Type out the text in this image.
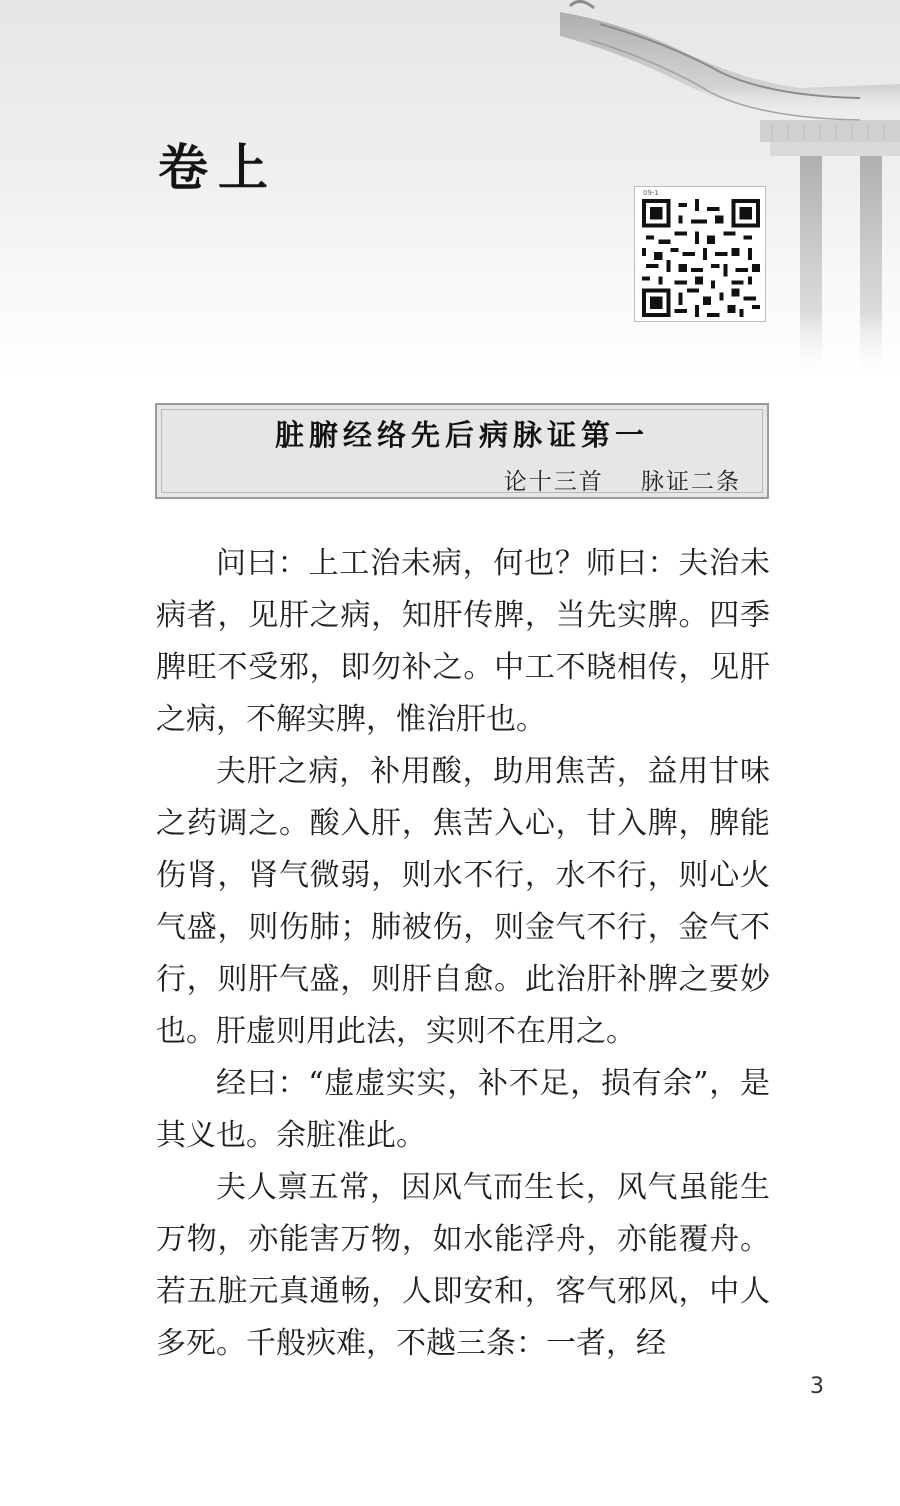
卷上	09-1
脏腑经络先后病脉证第一
论十三首    脉证二条

问曰：上工治未病，何也？师曰：夫治未病者，见肝之病，知肝传脾，当先实脾。四季脾旺不受邪，即勿补之。中工不晓相传，见肝之病，不解实脾，惟治肝也。

夫肝之病，补用酸，助用焦苦，益用甘味之药调之。酸入肝，焦苦入心，甘入脾，脾能伤肾，肾气微弱，则水不行，水不行，则心火气盛，则伤肺；肺被伤，则金气不行，金气不行，则肝气盛，则肝自愈。此治肝补脾之要妙也。肝虚则用此法，实则不在用之。

经曰：“虚虚实实，补不足，损有余”，是其义也。余脏准此。

夫人禀五常，因风气而生长，风气虽能生万物，亦能害万物，如水能浮舟，亦能覆舟。若五脏元真通畅，人即安和，客气邪风，中人多死。千般疢难，不越三条：一者，经

3
